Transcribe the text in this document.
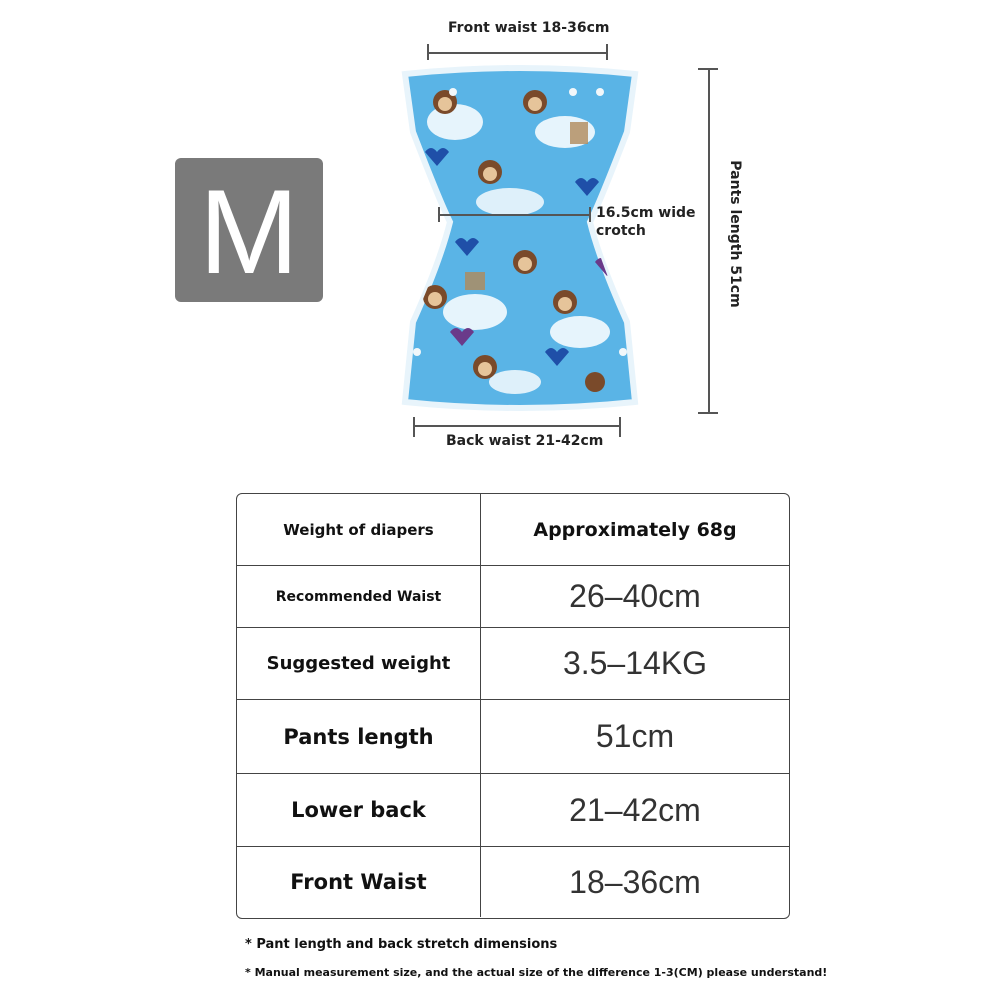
M
Front waist 18-36cm
16.5cm wide
crotch	Pants length 51cm
Back waist 21-42cm
Weight of diapers	Approximately 68g
Recommended Waist	26–40cm
Suggested weight	3.5–14KG
Pants length	51cm
Lower back	21–42cm
Front Waist	18–36cm
* Pant length and back stretch dimensions
* Manual measurement size, and the actual size of the difference 1-3(CM) please understand!
